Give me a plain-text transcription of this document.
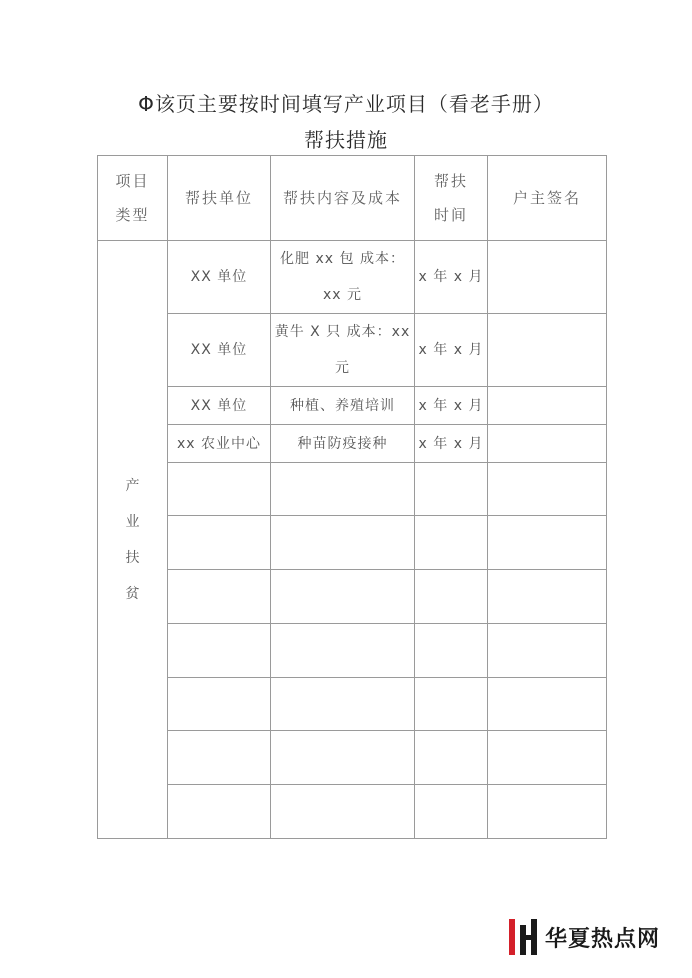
Φ该页主要按时间填写产业项目（看老手册）
帮扶措施
项目类型	帮扶单位	帮扶内容及成本	帮扶时间	户主签名
产业扶贫	XX 单位	化肥 xx 包 成本：xx 元	x 年 x 月	
	XX 单位	黄牛 X 只 成本：xx 元	x 年 x 月	
	XX 单位	种植、养殖培训	x 年 x 月	
	xx 农业中心	种苗防疫接种	x 年 x 月	

华夏热点网
